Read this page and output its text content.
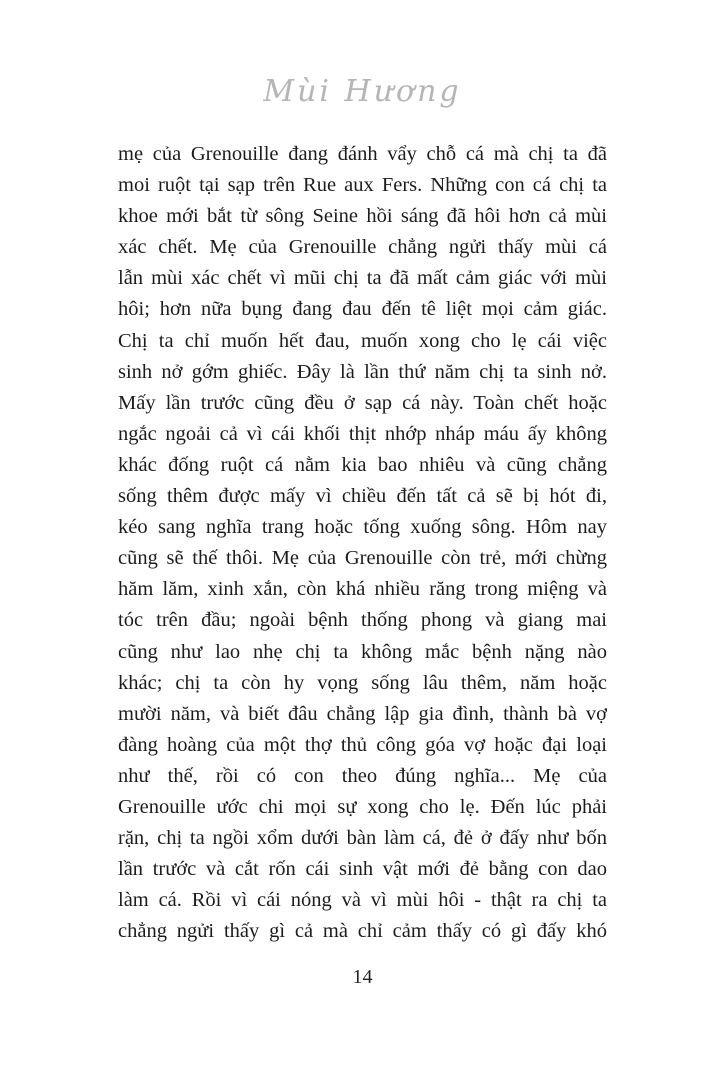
Mùi Hương
mẹ của Grenouille đang đánh vẩy chỗ cá mà chị ta đã
moi ruột tại sạp trên Rue aux Fers. Những con cá chị ta
khoe mới bắt từ sông Seine hồi sáng đã hôi hơn cả mùi
xác chết. Mẹ của Grenouille chẳng ngửi thấy mùi cá
lẫn mùi xác chết vì mũi chị ta đã mất cảm giác với mùi
hôi; hơn nữa bụng đang đau đến tê liệt mọi cảm giác.
Chị ta chỉ muốn hết đau, muốn xong cho lẹ cái việc
sinh nở gớm ghiếc. Đây là lần thứ năm chị ta sinh nở.
Mấy lần trước cũng đều ở sạp cá này. Toàn chết hoặc
ngắc ngoải cả vì cái khối thịt nhớp nháp máu ấy không
khác đống ruột cá nằm kia bao nhiêu và cũng chẳng
sống thêm được mấy vì chiều đến tất cả sẽ bị hót đi,
kéo sang nghĩa trang hoặc tống xuống sông. Hôm nay
cũng sẽ thế thôi. Mẹ của Grenouille còn trẻ, mới chừng
hăm lăm, xinh xắn, còn khá nhiều răng trong miệng và
tóc trên đầu; ngoài bệnh thống phong và giang mai
cũng như lao nhẹ chị ta không mắc bệnh nặng nào
khác; chị ta còn hy vọng sống lâu thêm, năm hoặc
mười năm, và biết đâu chẳng lập gia đình, thành bà vợ
đàng hoàng của một thợ thủ công góa vợ hoặc đại loại
như thế, rồi có con theo đúng nghĩa... Mẹ của
Grenouille ước chi mọi sự xong cho lẹ. Đến lúc phải
rặn, chị ta ngồi xổm dưới bàn làm cá, đẻ ở đấy như bốn
lần trước và cắt rốn cái sinh vật mới đẻ bằng con dao
làm cá. Rồi vì cái nóng và vì mùi hôi - thật ra chị ta
chẳng ngửi thấy gì cả mà chỉ cảm thấy có gì đấy khó
14
